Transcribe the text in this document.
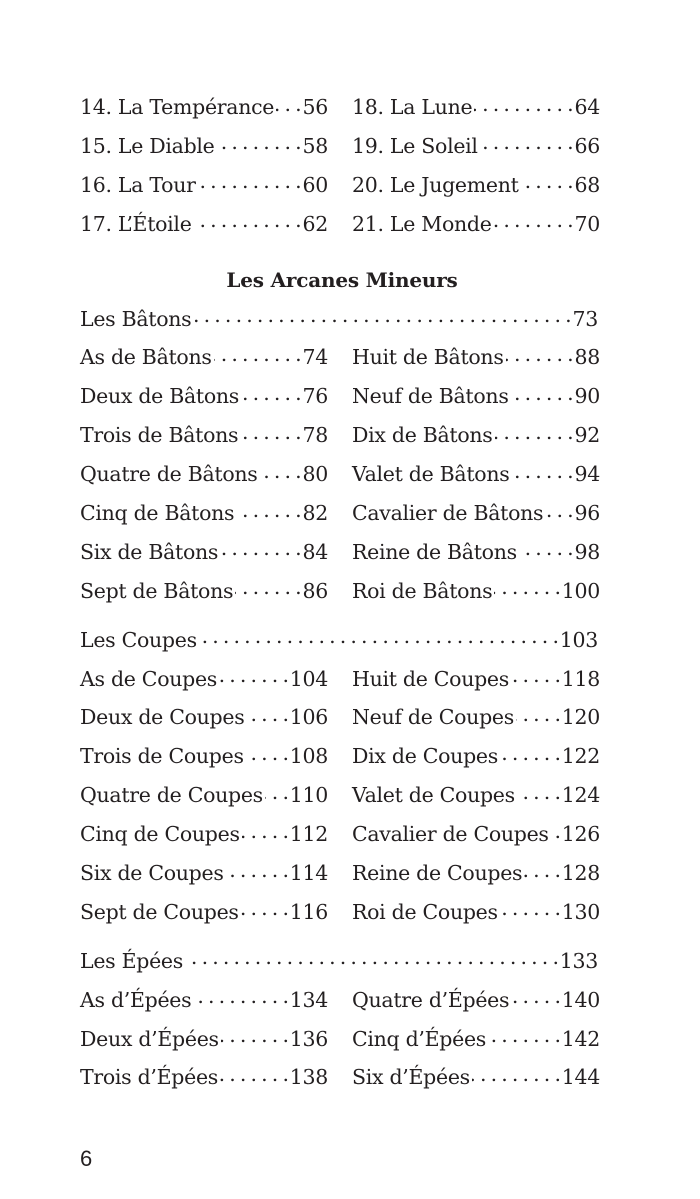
14. La Tempérance . . . 56 18. La Lune . . .	64
15. Le Diable . . .	58 19. Le Soleil . . .	66
16. La Tour . . .	60 20. Le Jugement . . .	68
17. L’Étoile . . .	62 21. Le Monde . . .	70
Les Arcanes Mineurs
Les Bâtons . . .	73
As de Bâtons . . .	74 Huit de Bâtons . . .	88
Deux de Bâtons . . .	76 Neuf de Bâtons . . .	90
Trois de Bâtons . . .	78 Dix de Bâtons . . .	92
Quatre de Bâtons . . . 80 Valet de Bâtons . . .	94
Cinq de Bâtons . . .	82 Cavalier de Bâtons . . . 96
Six de Bâtons . . .	84 Reine de Bâtons . . .	98
Sept de Bâtons . . .	86 Roi de Bâtons . . .	100
Les Coupes . . .	103
As de Coupes . . .	104 Huit de Coupes . . .	118
Deux de Coupes . . . 106 Neuf de Coupes . . . 120
Trois de Coupes . . . 108 Dix de Coupes . . .	122
Quatre de Coupes . . . 110 Valet de Coupes . . . 124
Cinq de Coupes . . . 112 Cavalier de Coupes . . . 126
Six de Coupes . . .	114 Reine de Coupes . . . 128
Sept de Coupes . . . 116 Roi de Coupes . . .	130
Les Épées . . .	133
As d’Épées . . .	134 Quatre d’Épées . . .	140
Deux d’Épées . . .	136 Cinq d’Épées . . .	142
Trois d’Épées . . .	138 Six d’Épées . . .	144
6
